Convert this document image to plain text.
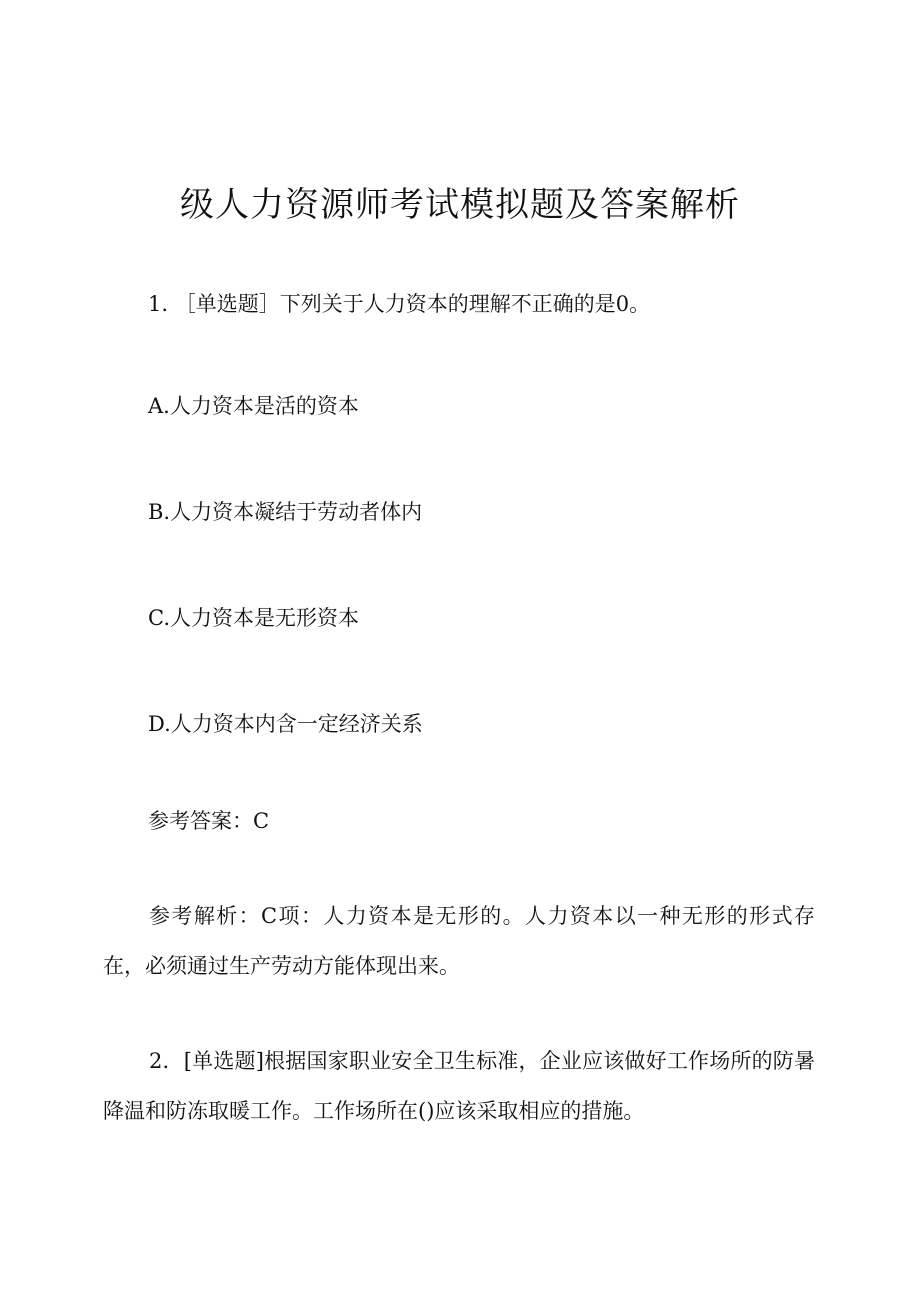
级人力资源师考试模拟题及答案解析
1. ［单选题］下列关于人力资本的理解不正确的是0。
A.人力资本是活的资本
B.人力资本凝结于劳动者体内
C.人力资本是无形资本
D.人力资本内含一定经济关系
参考答案：C
参考解析：C项：人力资本是无形的。人力资本以一种无形的形式存在，必须通过生产劳动方能体现出来。
2．[单选题]根据国家职业安全卫生标准，企业应该做好工作场所的防暑降温和防冻取暖工作。工作场所在()应该采取相应的措施。
